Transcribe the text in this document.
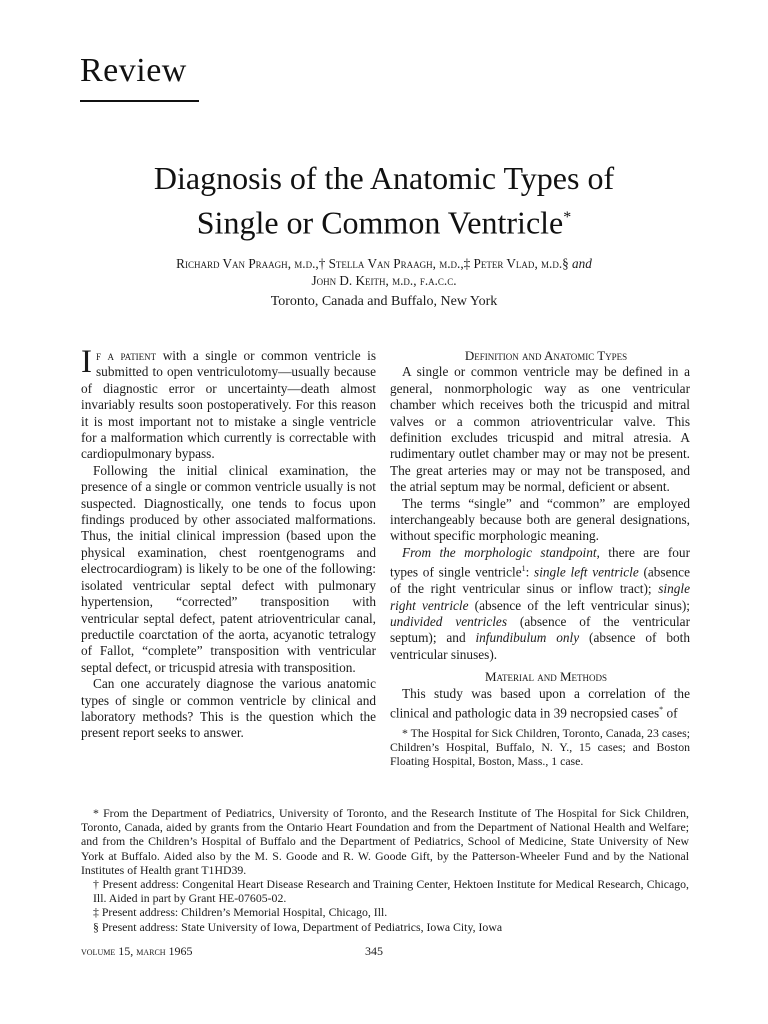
Review
Diagnosis of the Anatomic Types of
Single or Common Ventricle*
Richard Van Praagh, m.d.,† Stella Van Praagh, m.d.,‡ Peter Vlad, m.d.§ and
John D. Keith, m.d., f.a.c.c.
Toronto, Canada and Buffalo, New York

If a patient with a single or common ventricle is submitted to open ventriculotomy—usually because of diagnostic error or uncertainty—death almost invariably results soon postoperatively. For this reason it is most important not to mistake a single ventricle for a malformation which currently is correctable with cardiopulmonary bypass.

Following the initial clinical examination, the presence of a single or common ventricle usually is not suspected. Diagnostically, one tends to focus upon findings produced by other associated malformations. Thus, the initial clinical impression (based upon the physical examination, chest roentgenograms and electrocardiogram) is likely to be one of the following: isolated ventricular septal defect with pulmonary hypertension, “corrected” transposition with ventricular septal defect, patent atrioventricular canal, preductile coarctation of the aorta, acyanotic tetralogy of Fallot, “complete” transposition with ventricular septal defect, or tricuspid atresia with transposition.

Can one accurately diagnose the various anatomic types of single or common ventricle by clinical and laboratory methods? This is the question which the present report seeks to answer.

Definition and Anatomic Types

A single or common ventricle may be defined in a general, nonmorphologic way as one ventricular chamber which receives both the tricuspid and mitral valves or a common atrioventricular valve. This definition excludes tricuspid and mitral atresia. A rudimentary outlet chamber may or may not be present. The great arteries may or may not be transposed, and the atrial septum may be normal, deficient or absent.

The terms “single” and “common” are employed interchangeably because both are general designations, without specific morphologic meaning.

From the morphologic standpoint, there are four types of single ventricle$^1$: single left ventricle (absence of the right ventricular sinus or inflow tract); single right ventricle (absence of the left ventricular sinus); undivided ventricles (absence of the ventricular septum); and infundibulum only (absence of both ventricular sinuses).

Material and Methods

This study was based upon a correlation of the clinical and pathologic data in 39 necropsied cases* of

* The Hospital for Sick Children, Toronto, Canada, 23 cases; Children’s Hospital, Buffalo, N. Y., 15 cases; and Boston Floating Hospital, Boston, Mass., 1 case.

* From the Department of Pediatrics, University of Toronto, and the Research Institute of The Hospital for Sick Children, Toronto, Canada, aided by grants from the Ontario Heart Foundation and from the Department of National Health and Welfare; and from the Children’s Hospital of Buffalo and the Department of Pediatrics, School of Medicine, State University of New York at Buffalo. Aided also by the M. S. Goode and R. W. Goode Gift, by the Patterson-Wheeler Fund and by the National Institutes of Health grant T1HD39.

† Present address: Congenital Heart Disease Research and Training Center, Hektoen Institute for Medical Research, Chicago, Ill. Aided in part by Grant HE-07605-02.

‡ Present address: Children’s Memorial Hospital, Chicago, Ill.

§ Present address: State University of Iowa, Department of Pediatrics, Iowa City, Iowa

volume 15, march 1965	345
